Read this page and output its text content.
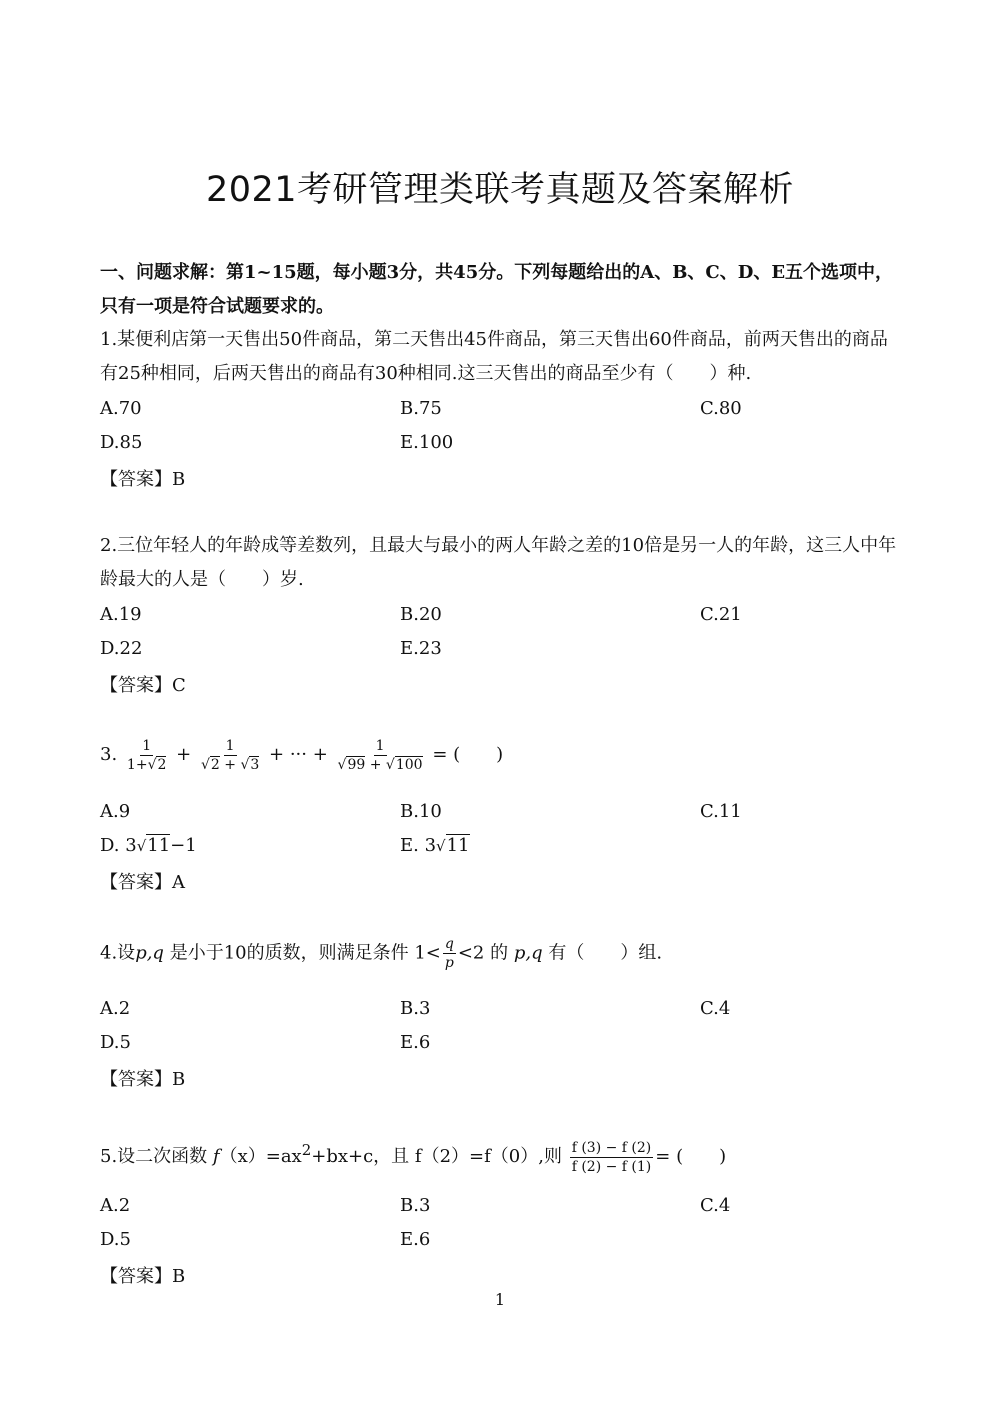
2021考研管理类联考真题及答案解析
一、问题求解：第1~15题，每小题3分，共45分。下列每题给出的A、B、C、D、E五个选项中，只有一项是符合试题要求的。
1.某便利店第一天售出50件商品，第二天售出45件商品，第三天售出60件商品，前两天售出的商品有25种相同，后两天售出的商品有30种相同.这三天售出的商品至少有（　　）种.
A.70	B.75	C.80
D.85	E.100
【答案】B
2.三位年轻人的年龄成等差数列，且最大与最小的两人年龄之差的10倍是另一人的年龄，这三人中年龄最大的人是（　　）岁.
A.19	B.20	C.21
D.22	E.23
【答案】C
3. $\frac{1}{1+√2} + \frac{1}{√2 + √3}$ + ··· + $\frac{1}{√99 + √100}$ = (　　)
A.9	B.10	C.11
D. 3√11−1	E. 3√11
【答案】A
4.设p,q 是小于10的质数，则满足条件 $1< \frac{q}{p} <2$ 的 p,q 有（　　）组.
A.2	B.3	C.4
D.5	E.6
【答案】B
5.设二次函数 $f(x)=ax^2+bx+c$，且 f（2）=f（0）,则 $\frac{f (3) - f (2)}{f (2) - f (1)}$ = (　　)
A.2	B.3	C.4
D.5	E.6
【答案】B
1
